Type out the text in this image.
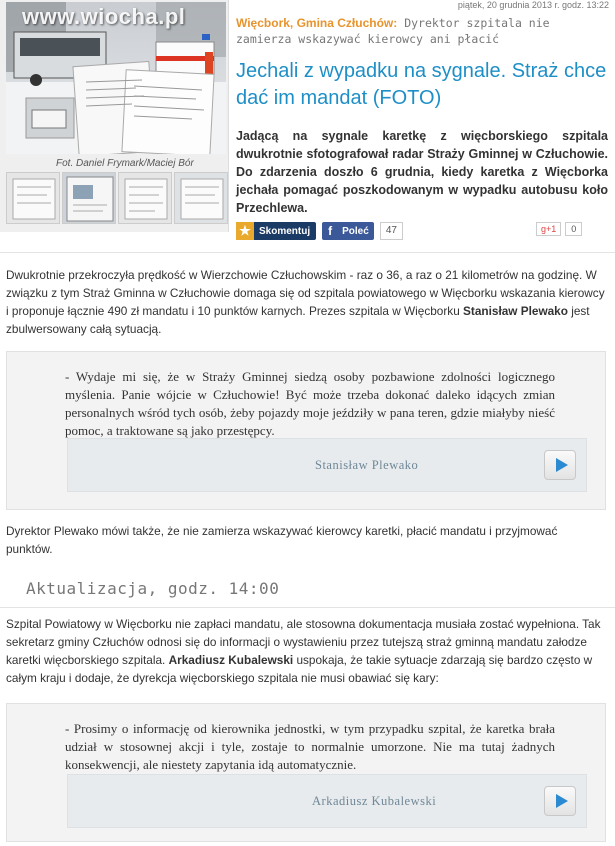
piątek, 20 grudnia 2013 r. godz. 13:22
www.wiocha.pl
Fot. Daniel Frymark/Maciej Bór
Więcbork, Gmina Człuchów: Dyrektor szpitala nie zamierza wskazywać kierowcy ani płacić
Jechali z wypadku na sygnale. Straż chce dać im mandat (FOTO)
Jadącą na sygnale karetkę z więcborskiego szpitala dwukrotnie sfotografował radar Straży Gminnej w Człuchowie. Do zdarzenia doszło 6 grudnia, kiedy karetka z Więcborka jechała pomagać poszkodowanym w wypadku autobusu koło Przechlewa.
★ Skomentuj	f	Poleć	47	g+1	0

Dwukrotnie przekroczyła prędkość w Wierzchowie Człuchowskim - raz o 36, a raz o 21 kilometrów na godzinę. W związku z tym Straż Gminna w Człuchowie domaga się od szpitala powiatowego w Więcborku wskazania kierowcy i proponuje łącznie 490 zł mandatu i 10 punktów karnych. Prezes szpitala w Więcborku Stanisław Plewako jest zbulwersowany całą sytuacją.

- Wydaje mi się, że w Straży Gminnej siedzą osoby pozbawione zdolności logicznego myślenia. Panie wójcie w Człuchowie! Być może trzeba dokonać daleko idących zmian personalnych wśród tych osób, żeby pojazdy moje jeździły w pana teren, gdzie miałyby nieść pomoc, a traktowane są jako przestępcy.
Stanisław Plewako

Dyrektor Plewako mówi także, że nie zamierza wskazywać kierowcy karetki, płacić mandatu i przyjmować punktów.

Aktualizacja, godz. 14:00

Szpital Powiatowy w Więcborku nie zapłaci mandatu, ale stosowna dokumentacja musiała zostać wypełniona. Tak sekretarz gminy Człuchów odnosi się do informacji o wystawieniu przez tutejszą straż gminną mandatu załodze karetki więcborskiego szpitala. Arkadiusz Kubalewski uspokaja, że takie sytuacje zdarzają się bardzo często w całym kraju i dodaje, że dyrekcja więcborskiego szpitala nie musi obawiać się kary:

- Prosimy o informację od kierownika jednostki, w tym przypadku szpital, że karetka brała udział w stosownej akcji i tyle, zostaje to normalnie umorzone. Nie ma tutaj żadnych konsekwencji, ale niestety zapytania idą automatycznie.
Arkadiusz Kubalewski
